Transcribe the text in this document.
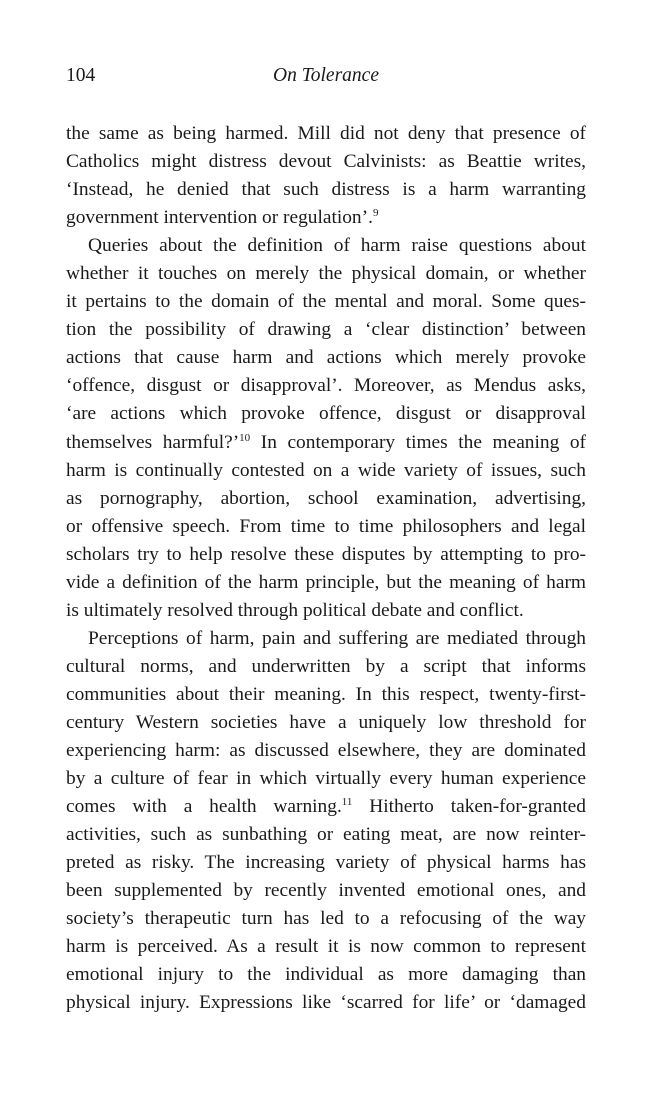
104	On Tolerance
the same as being harmed. Mill did not deny that presence of
Catholics might distress devout Calvinists: as Beattie writes,
‘Instead, he denied that such distress is a harm warranting
government intervention or regulation’.$^9$
Queries about the definition of harm raise questions about
whether it touches on merely the physical domain, or whether
it pertains to the domain of the mental and moral. Some ques-
tion the possibility of drawing a ‘clear distinction’ between
actions that cause harm and actions which merely provoke
‘offence, disgust or disapproval’. Moreover, as Mendus asks,
‘are actions which provoke offence, disgust or disapproval
themselves harmful?’$^{10}$ In contemporary times the meaning of
harm is continually contested on a wide variety of issues, such
as pornography, abortion, school examination, advertising,
or offensive speech. From time to time philosophers and legal
scholars try to help resolve these disputes by attempting to pro-
vide a definition of the harm principle, but the meaning of harm
is ultimately resolved through political debate and conflict.
Perceptions of harm, pain and suffering are mediated through
cultural norms, and underwritten by a script that informs
communities about their meaning. In this respect, twenty-first-
century Western societies have a uniquely low threshold for
experiencing harm: as discussed elsewhere, they are dominated
by a culture of fear in which virtually every human experience
comes with a health warning.$^{11}$ Hitherto taken-for-granted
activities, such as sunbathing or eating meat, are now reinter-
preted as risky. The increasing variety of physical harms has
been supplemented by recently invented emotional ones, and
society’s therapeutic turn has led to a refocusing of the way
harm is perceived. As a result it is now common to represent
emotional injury to the individual as more damaging than
physical injury. Expressions like ‘scarred for life’ or ‘damaged
